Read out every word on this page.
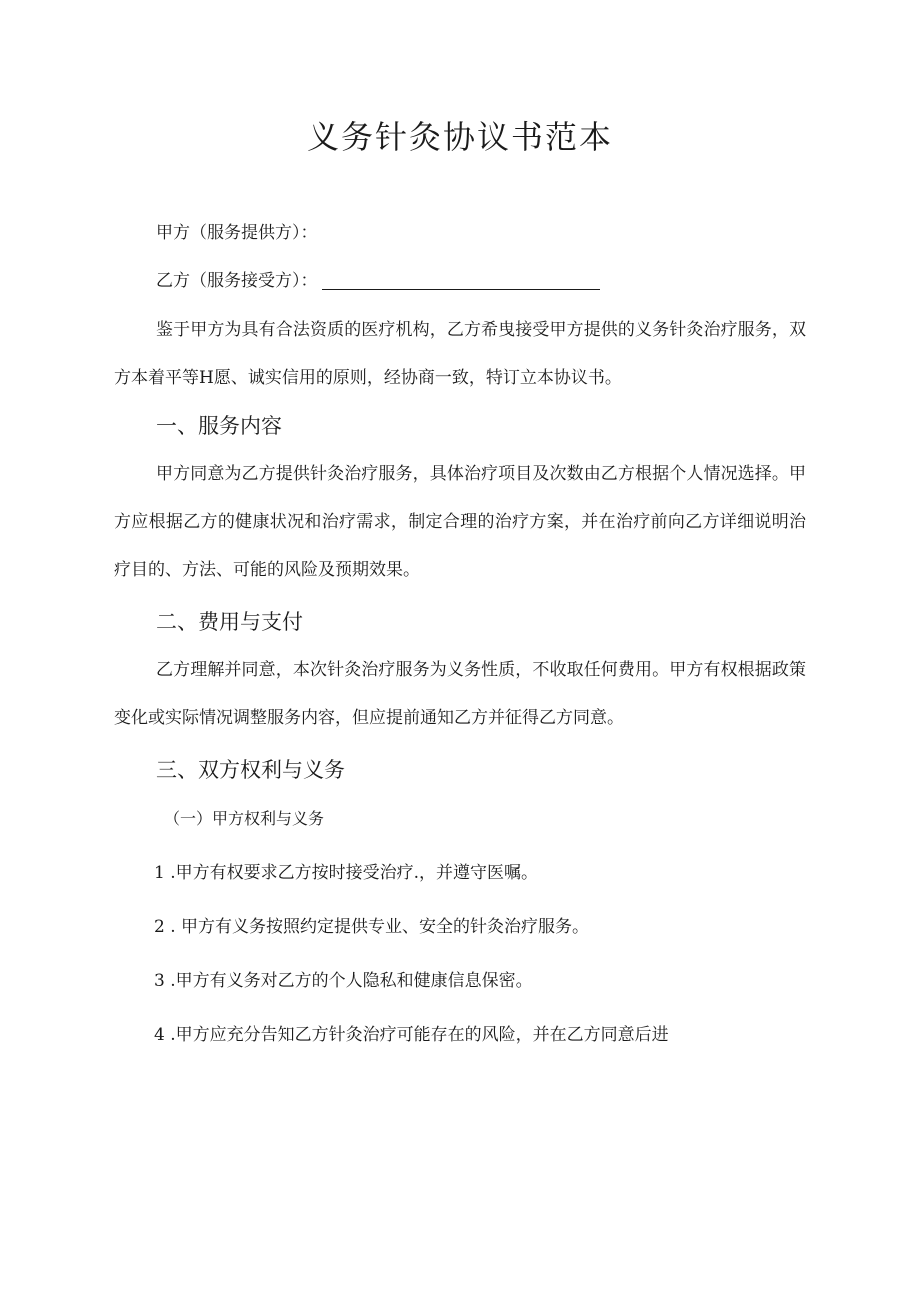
义务针灸协议书范本

甲方（服务提供方）：

乙方（服务接受方）：

鉴于甲方为具有合法资质的医疗机构，乙方希曳接受甲方提供的义务针灸治疗服务，双方本着平等H愿、诚实信用的原则，经协商一致，特订立本协议书。

一、服务内容

甲方同意为乙方提供针灸治疗服务，具体治疗项目及次数由乙方根据个人情况选择。甲方应根据乙方的健康状况和治疗需求，制定合理的治疗方案，并在治疗前向乙方详细说明治疗目的、方法、可能的风险及预期效果。

二、费用与支付

乙方理解并同意，本次针灸治疗服务为义务性质，不收取任何费用。甲方有权根据政策变化或实际情况调整服务内容，但应提前通知乙方并征得乙方同意。

三、双方权利与义务

（一）甲方权利与义务

1 .甲方有权要求乙方按时接受治疗.，并遵守医嘱。

2 . 甲方有义务按照约定提供专业、安全的针灸治疗服务。

3 .甲方有义务对乙方的个人隐私和健康信息保密。

4 .甲方应充分告知乙方针灸治疗可能存在的风险，并在乙方同意后进
